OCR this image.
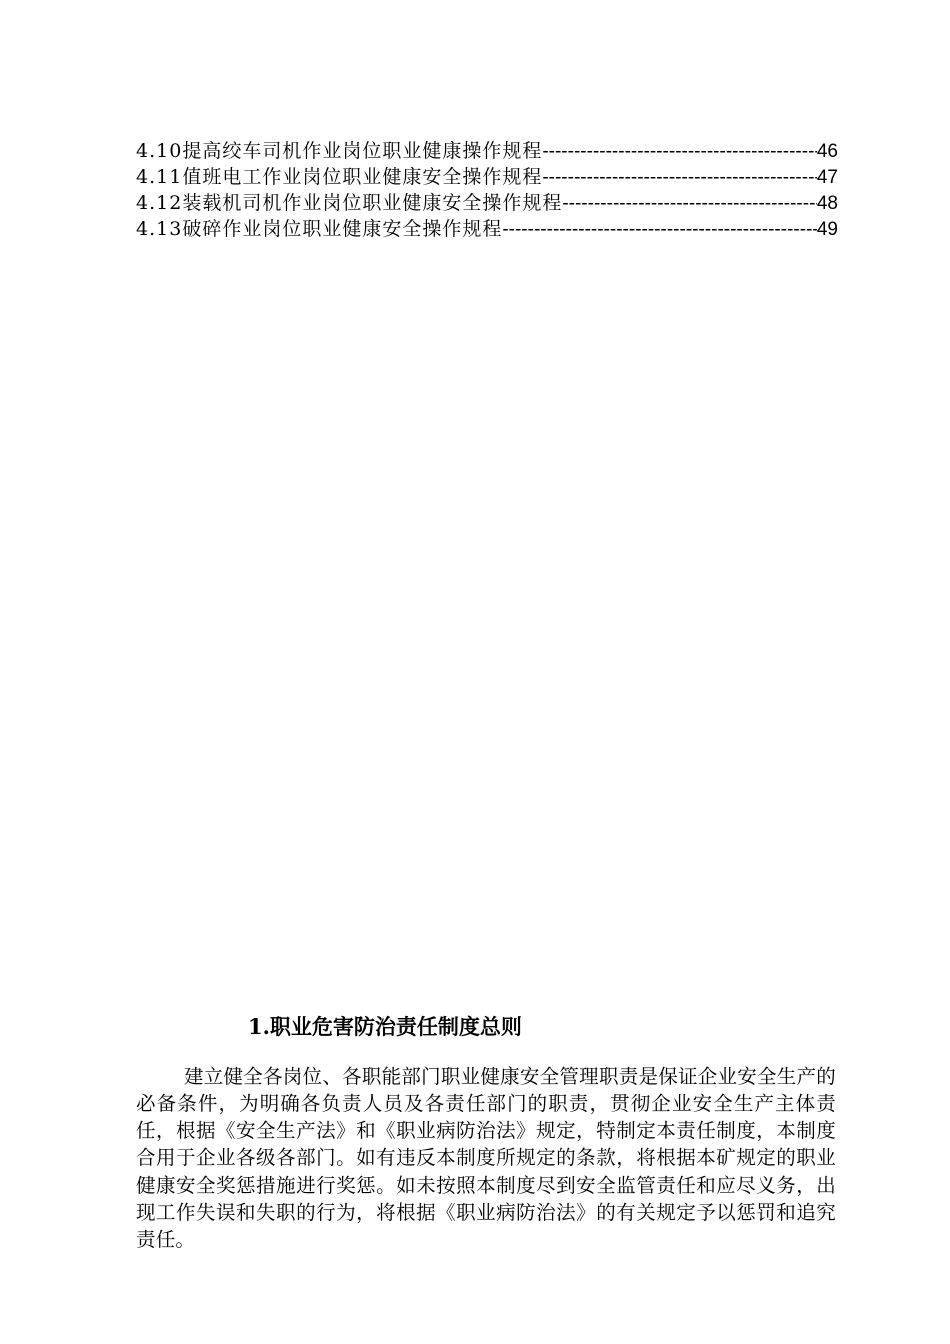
4.10 提高绞车司机作业岗位职业健康操作规程 -----	46
4.11 值班电工作业岗位职业健康安全操作规程 -----	47
4.12 装载机司机作业岗位职业健康安全操作规程 -----	48
4.13 破碎作业岗位职业健康安全操作规程 -----	49
1.职业危害防治责任制度总则

建立健全各岗位、各职能部门职业健康安全管理职责是保证企业安全生产的必备条件，为明确各负责人员及各责任部门的职责，贯彻企业安全生产主体责任，根据《安全生产法》和《职业病防治法》规定，特制定本责任制度，本制度合用于企业各级各部门。如有违反本制度所规定的条款，将根据本矿规定的职业健康安全奖惩措施进行奖惩。如未按照本制度尽到安全监管责任和应尽义务，出现工作失误和失职的行为，将根据《职业病防治法》的有关规定予以惩罚和追究责任。
